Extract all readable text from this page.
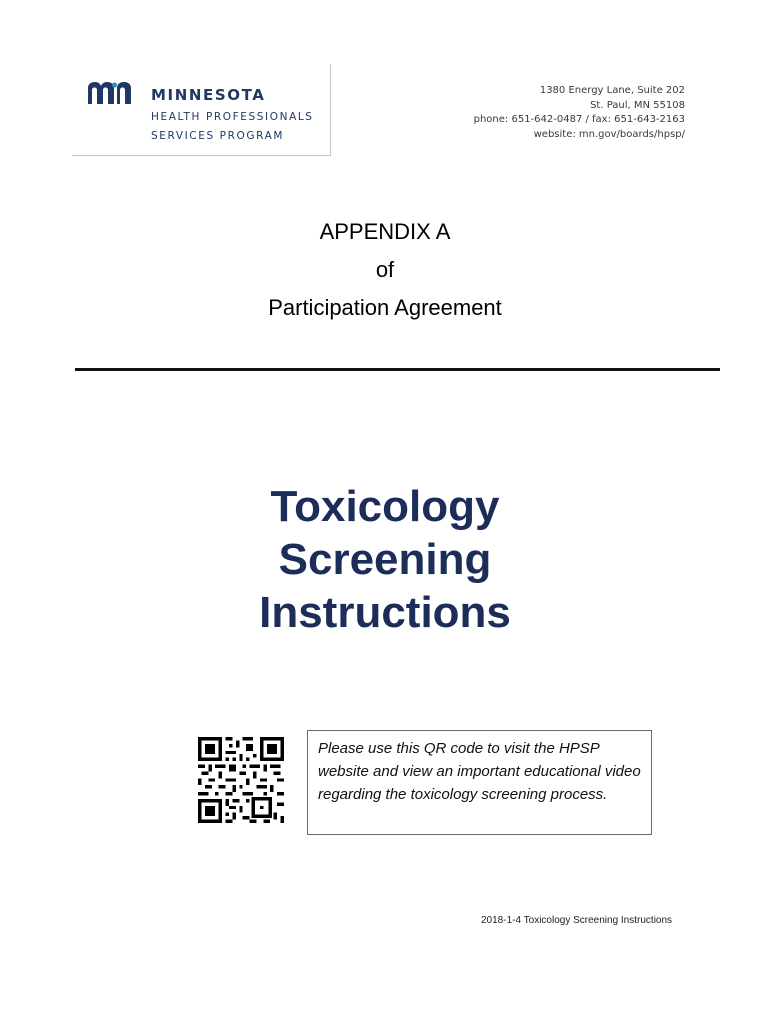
MINNESOTA
HEALTH PROFESSIONALS
SERVICES PROGRAM
1380 Energy Lane, Suite 202
St. Paul, MN 55108
phone: 651-642-0487 / fax: 651-643-2163
website: mn.gov/boards/hpsp/
APPENDIX A
of
Participation Agreement
Toxicology
Screening
Instructions
Please use this QR code to visit the HPSP website and view an important educational video regarding the toxicology screening process.
2018-1-4 Toxicology Screening Instructions
